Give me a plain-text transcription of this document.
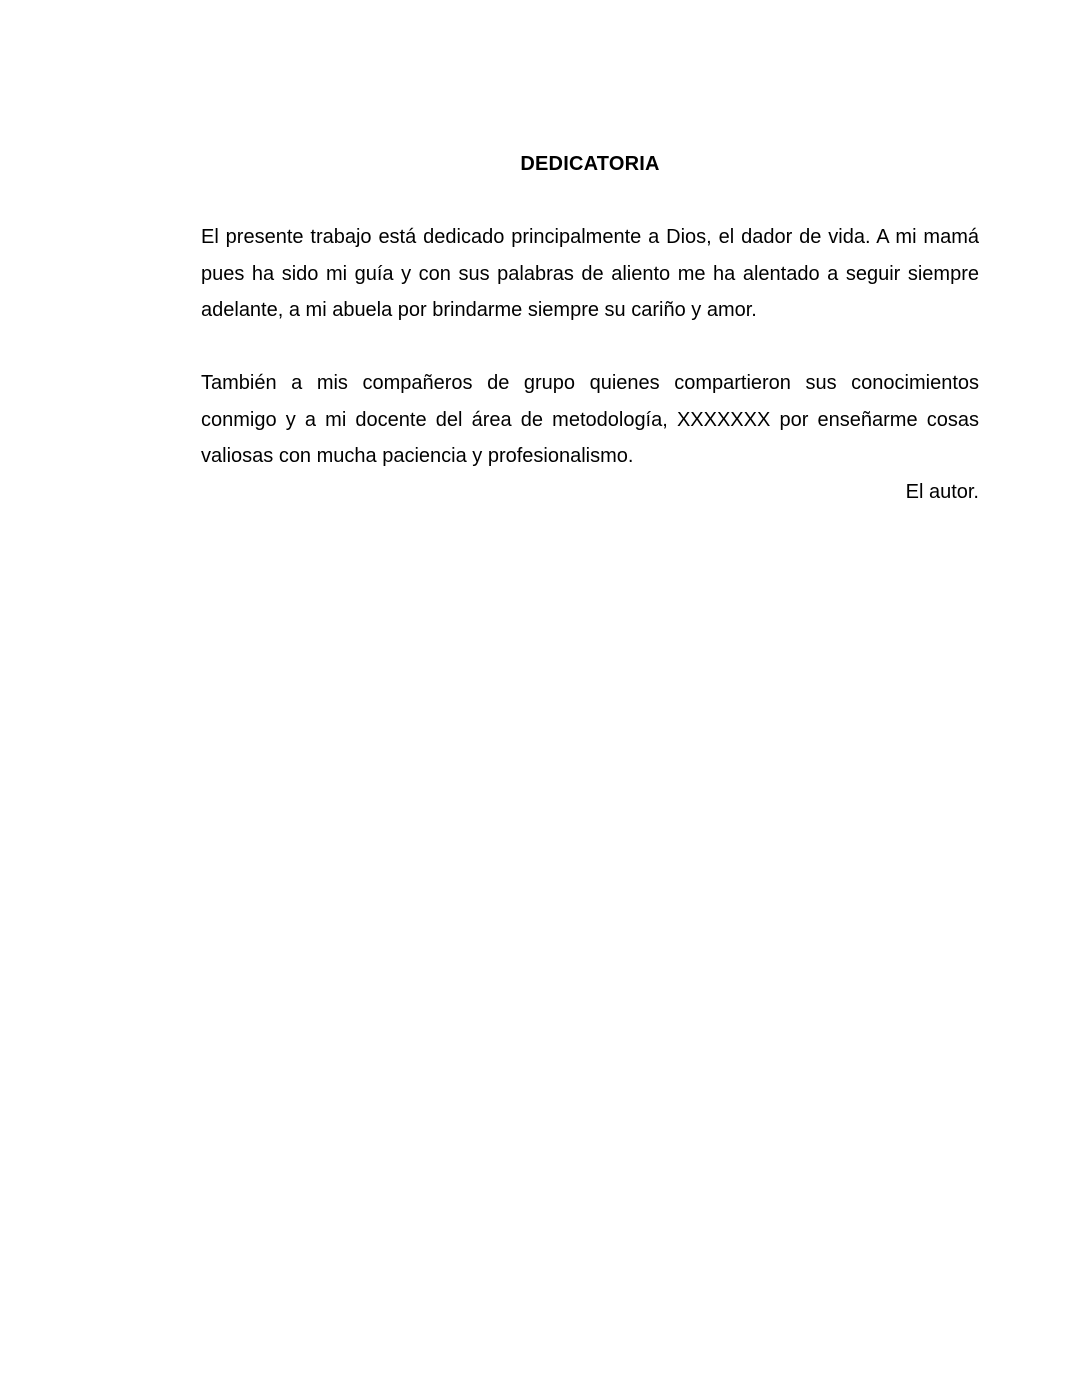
DEDICATORIA

El presente trabajo está dedicado principalmente a Dios, el dador de vida. A mi mamá pues ha sido mi guía y con sus palabras de aliento me ha alentado a seguir siempre adelante, a mi abuela por brindarme siempre su cariño y amor.

También a mis compañeros de grupo quienes compartieron sus conocimientos conmigo y a mi docente del área de metodología, XXXXXXX por enseñarme cosas valiosas con mucha paciencia y profesionalismo.

El autor.
